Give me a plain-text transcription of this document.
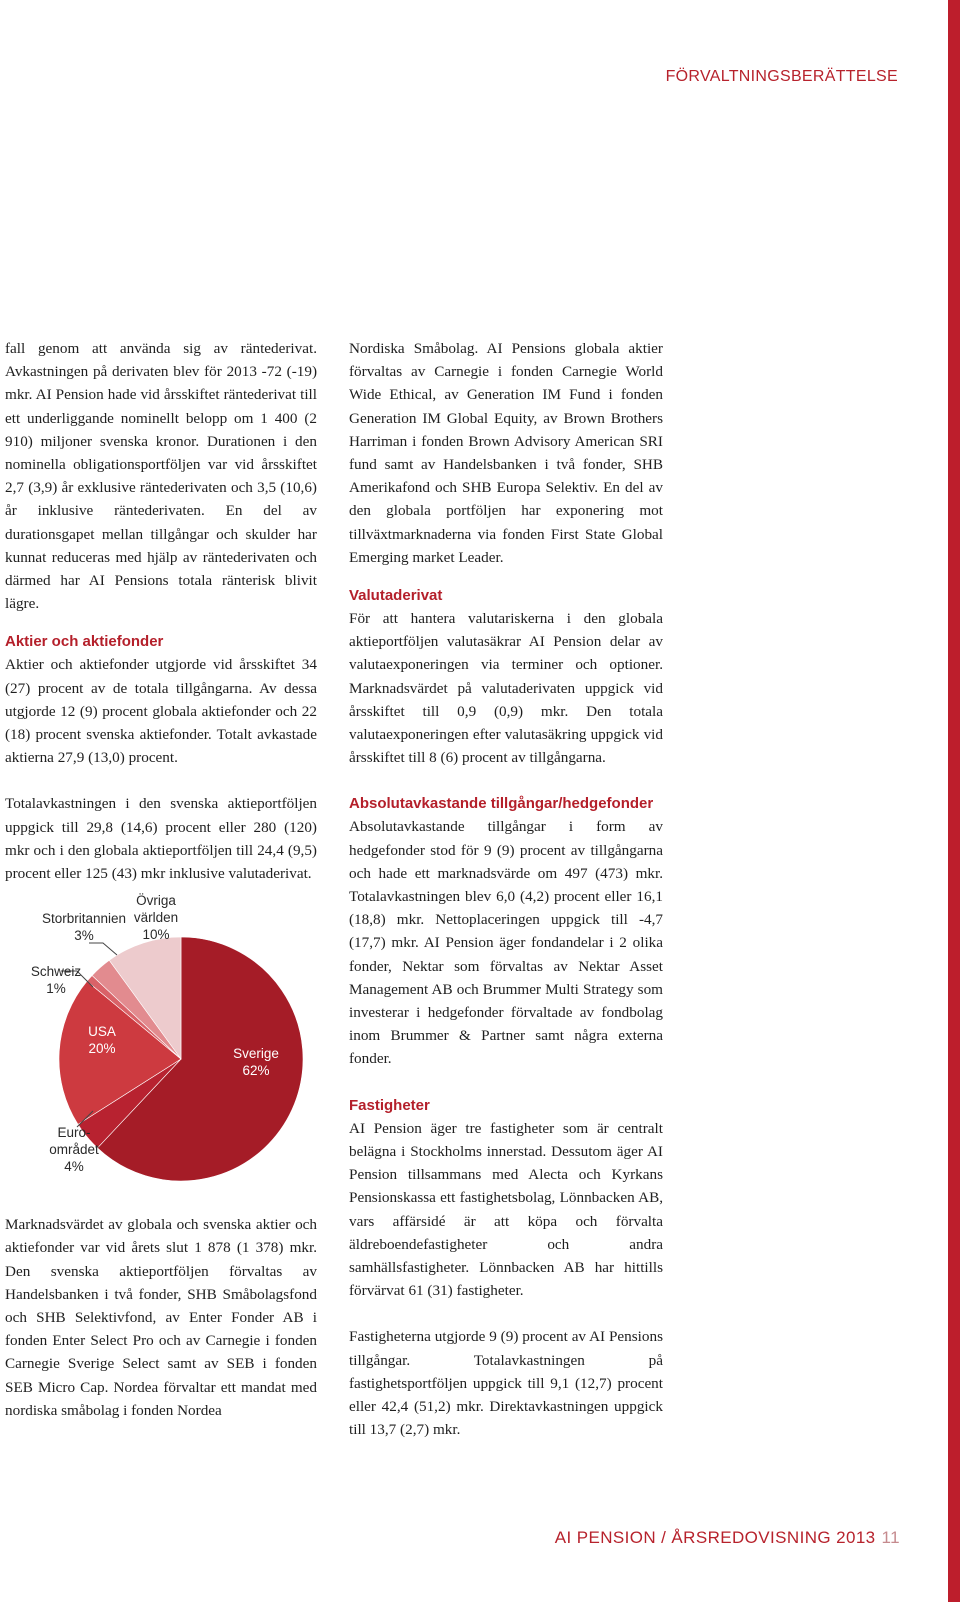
FÖRVALTNINGSBERÄTTELSE

fall genom att använda sig av räntederivat. Avkastningen på derivaten blev för 2013 -72 (-19) mkr. AI Pension hade vid årsskiftet räntederivat till ett underliggande nominellt belopp om 1 400 (2 910) miljoner svenska kronor. Durationen i den nominella obligationsportföljen var vid årsskiftet 2,7 (3,9) år exklusive räntederivaten och 3,5 (10,6) år inklusive räntederivaten. En del av durationsgapet mellan tillgångar och skulder har kunnat reduceras med hjälp av räntederivaten och därmed har AI Pensions totala ränterisk blivit lägre.

Aktier och aktiefonder

Aktier och aktiefonder utgjorde vid årsskiftet 34 (27) procent av de totala tillgångarna. Av dessa utgjorde 12 (9) procent globala aktiefonder och 22 (18) procent svenska aktiefonder. Totalt avkastade aktierna 27,9 (13,0) procent.

Totalavkastningen i den svenska aktieportföljen uppgick till 29,8 (14,6) procent eller 280 (120) mkr och i den globala aktieportföljen till 24,4 (9,5) procent eller 125 (43) mkr inklusive valutaderivat.

Sverige
62%
Euro-
området
4%
USA
20%
Schweiz
1%
Storbritannien
3%
Övriga
världen
10%

Marknadsvärdet av globala och svenska aktier och aktiefonder var vid årets slut 1 878 (1 378) mkr. Den svenska aktieportföljen förvaltas av Handelsbanken i två fonder, SHB Småbolagsfond och SHB Selektivfond, av Enter Fonder AB i fonden Enter Select Pro och av Carnegie i fonden Carnegie Sverige Select samt av SEB i fonden SEB Micro Cap. Nordea förvaltar ett mandat med nordiska småbolag i fonden Nordea

Nordiska Småbolag. AI Pensions globala aktier förvaltas av Carnegie i fonden Carnegie World Wide Ethical, av Generation IM Fund i fonden Generation IM Global Equity, av Brown Brothers Harriman i fonden Brown Advisory American SRI fund samt av Handelsbanken i två fonder, SHB Amerikafond och SHB Europa Selektiv. En del av den globala portföljen har exponering mot tillväxtmarknaderna via fonden First State Global Emerging market Leader.

Valutaderivat

För att hantera valutariskerna i den globala aktieportföljen valutasäkrar AI Pension delar av valutaexponeringen via terminer och optioner. Marknadsvärdet på valutaderivaten uppgick vid årsskiftet till 0,9 (0,9) mkr. Den totala valutaexponeringen efter valutasäkring uppgick vid årsskiftet till 8 (6) procent av tillgångarna.

Absolutavkastande tillgångar/hedgefonder

Absolutavkastande tillgångar i form av hedgefonder stod för 9 (9) procent av tillgångarna och hade ett marknadsvärde om 497 (473) mkr. Totalavkastningen blev 6,0 (4,2) procent eller 16,1 (18,8) mkr. Nettoplaceringen uppgick till -4,7 (17,7) mkr. AI Pension äger fondandelar i 2 olika fonder, Nektar som förvaltas av Nektar Asset Management AB och Brummer Multi Strategy som investerar i hedgefonder förvaltade av fondbolag inom Brummer & Partner samt några externa fonder.

Fastigheter

AI Pension äger tre fastigheter som är centralt belägna i Stockholms innerstad. Dessutom äger AI Pension tillsammans med Alecta och Kyrkans Pensionskassa ett fastighetsbolag, Lönnbacken AB, vars affärsidé är att köpa och förvalta äldreboendefastigheter och andra samhällsfastigheter. Lönnbacken AB har hittills förvärvat 61 (31) fastigheter.

Fastigheterna utgjorde 9 (9) procent av AI Pensions tillgångar. Totalavkastningen på fastighetsportföljen uppgick till 9,1 (12,7) procent eller 42,4 (51,2) mkr. Direktavkastningen uppgick till 13,7 (2,7) mkr.

AI PENSION / ÅRSREDOVISNING 2013 11
